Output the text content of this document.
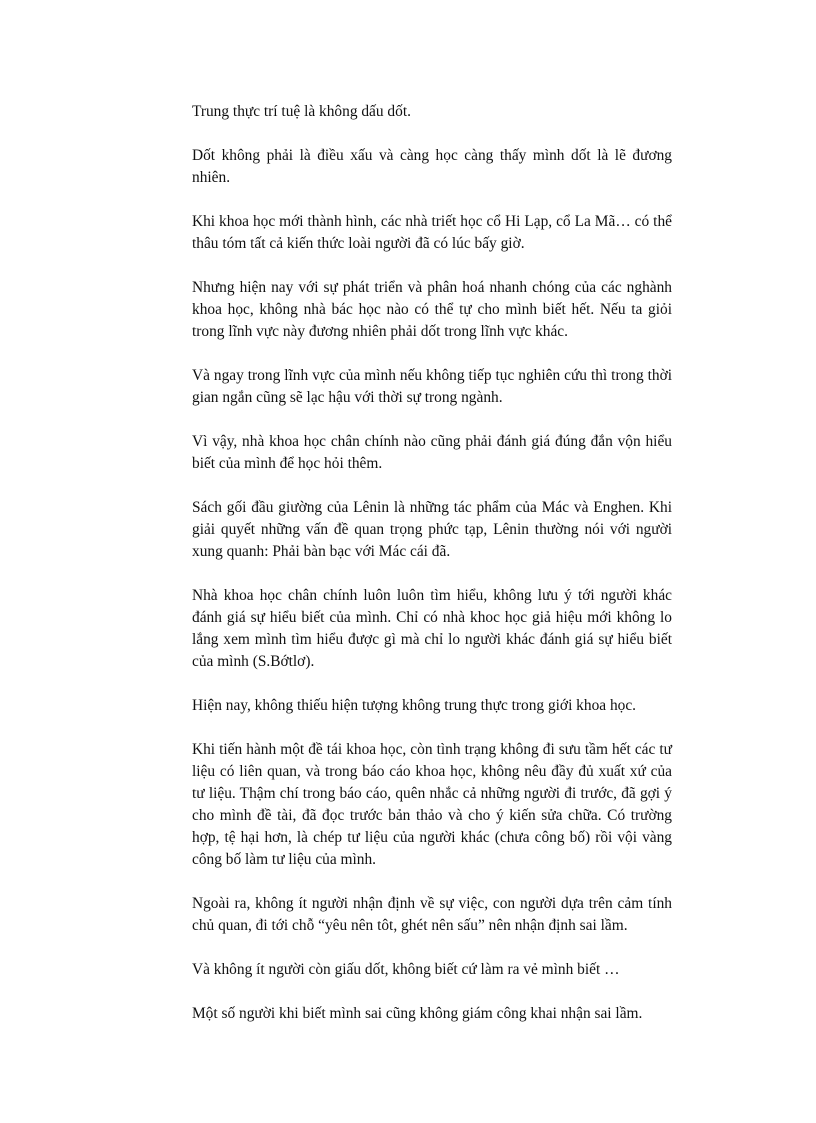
Trung thực trí tuệ là không dấu dốt.

Dốt không phải là điều xấu và càng học càng thấy mình dốt là lẽ đương nhiên.

Khi khoa học mới thành hình, các nhà triết học cổ Hi Lạp, cổ La Mã… có thể thâu tóm tất cả kiến thức loài người đã có lúc bấy giờ.

Nhưng hiện nay với sự phát triển và phân hoá nhanh chóng của các nghành khoa học, không nhà bác học nào có thể tự cho mình biết hết. Nếu ta giỏi trong lĩnh vực này đương nhiên phải dốt trong lĩnh vực khác.

Và ngay trong lĩnh vực của mình nếu không tiếp tục nghiên cứu thì trong thời gian ngắn cũng sẽ lạc hậu với thời sự trong ngành.

Vì vậy, nhà khoa học chân chính nào cũng phải đánh giá đúng đắn vộn hiểu biết của mình để học hỏi thêm.

Sách gối đầu giường của Lênin là những tác phẩm của Mác và Enghen. Khi giải quyết những vấn đề quan trọng phức tạp, Lênin thường nói với người xung quanh: Phải bàn bạc với Mác cái đã.

Nhà khoa học chân chính luôn luôn tìm hiểu, không lưu ý tới người khác đánh giá sự hiểu biết của mình. Chỉ có nhà khoc học giả hiệu mới không lo lắng xem mình tìm hiểu được gì mà chỉ lo người khác đánh giá sự hiểu biết của mình (S.Bớtlơ).

Hiện nay, không thiếu hiện tượng không trung thực trong giới khoa học.

Khi tiến hành một đề tái khoa học, còn tình trạng không đi sưu tầm hết các tư liệu có liên quan, và trong báo cáo khoa học, không nêu đầy đủ xuất xứ của tư liệu. Thậm chí trong báo cáo, quên nhắc cả những người đi trước, đã gợi ý cho mình đề tài, đã đọc trước bản thảo và cho ý kiến sửa chữa. Có trường hợp, tệ hại hơn, là chép tư liệu của người khác (chưa công bố) rồi vội vàng công bố làm tư liệu của mình.

Ngoài ra, không ít người nhận định về sự việc, con người dựa trên cảm tính chủ quan, đi tới chỗ “yêu nên tôt, ghét nên sấu” nên nhận định sai lầm.

Và không ít người còn giấu dốt, không biết cứ làm ra vẻ mình biết …

Một số người khi biết mình sai cũng không giám công khai nhận sai lầm.
